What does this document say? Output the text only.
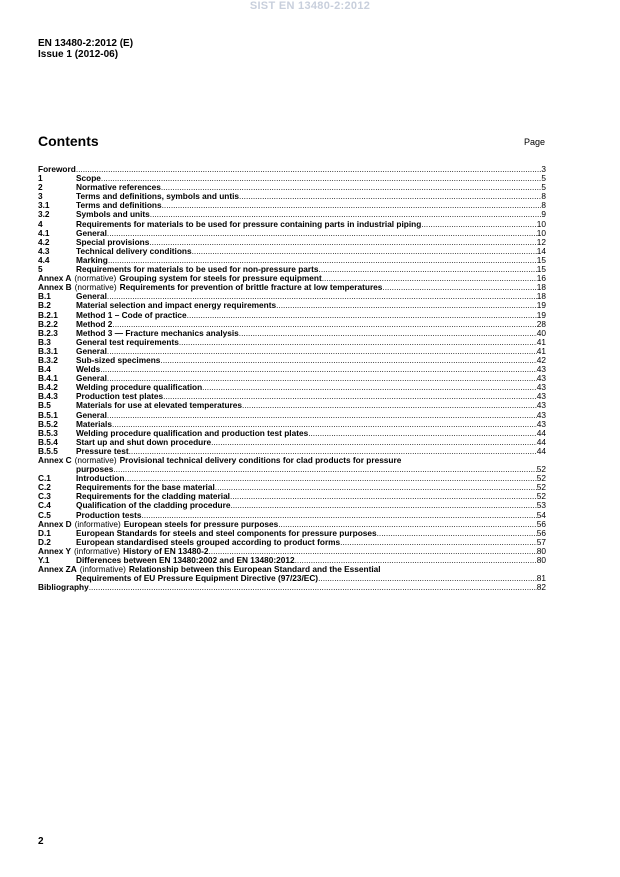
SIST EN 13480-2:2012
EN 13480-2:2012 (E)
Issue 1 (2012-06)
Contents	Page
Foreword .....	3
1	Scope .....	5
2	Normative references .....	5
3	Terms and definitions, symbols and untis .....	8
3.1	Terms and definitions .....	8
3.2	Symbols and units .....	9
4	Requirements for materials to be used for pressure containing parts in industrial piping .....	10
4.1	General .....	10
4.2	Special provisions .....	12
4.3	Technical delivery conditions .....	14
4.4	Marking .....	15
5	Requirements for materials to be used for non-pressure parts .....	15
Annex A (normative) Grouping system for steels for pressure equipment .....	16
Annex B (normative) Requirements for prevention of brittle fracture at low temperatures .....	18
B.1	General .....	18
B.2	Material selection and impact energy requirements .....	19
B.2.1	Method 1 – Code of practice .....	19
B.2.2	Method 2 .....	28
B.2.3	Method 3 — Fracture mechanics analysis .....	40
B.3	General test requirements .....	41
B.3.1	General .....	41
B.3.2	Sub-sized specimens .....	42
B.4	Welds .....	43
B.4.1	General .....	43
B.4.2	Welding procedure qualification .....	43
B.4.3	Production test plates .....	43
B.5	Materials for use at elevated temperatures .....	43
B.5.1	General .....	43
B.5.2	Materials .....	43
B.5.3	Welding procedure qualification and production test plates .....	44
B.5.4	Start up and shut down procedure .....	44
B.5.5	Pressure test .....	44
Annex C (normative) Provisional technical delivery conditions for clad products for pressure
purposes .....	52
C.1	Introduction .....	52
C.2	Requirements for the base material .....	52
C.3	Requirements for the cladding material .....	52
C.4	Qualification of the cladding procedure .....	53
C.5	Production tests .....	54
Annex D (informative) European steels for pressure purposes .....	56
D.1	European Standards for steels and steel components for pressure purposes .....	56
D.2	European standardised steels grouped according to product forms .....	57
Annex Y (informative) History of EN 13480-2 .....	80
Y.1	Differences between EN 13480:2002 and EN 13480:2012 .....	80
Annex ZA (informative) Relationship between this European Standard and the Essential
Requirements of EU Pressure Equipment Directive (97/23/EC) .....	81
Bibliography .....	82
2
